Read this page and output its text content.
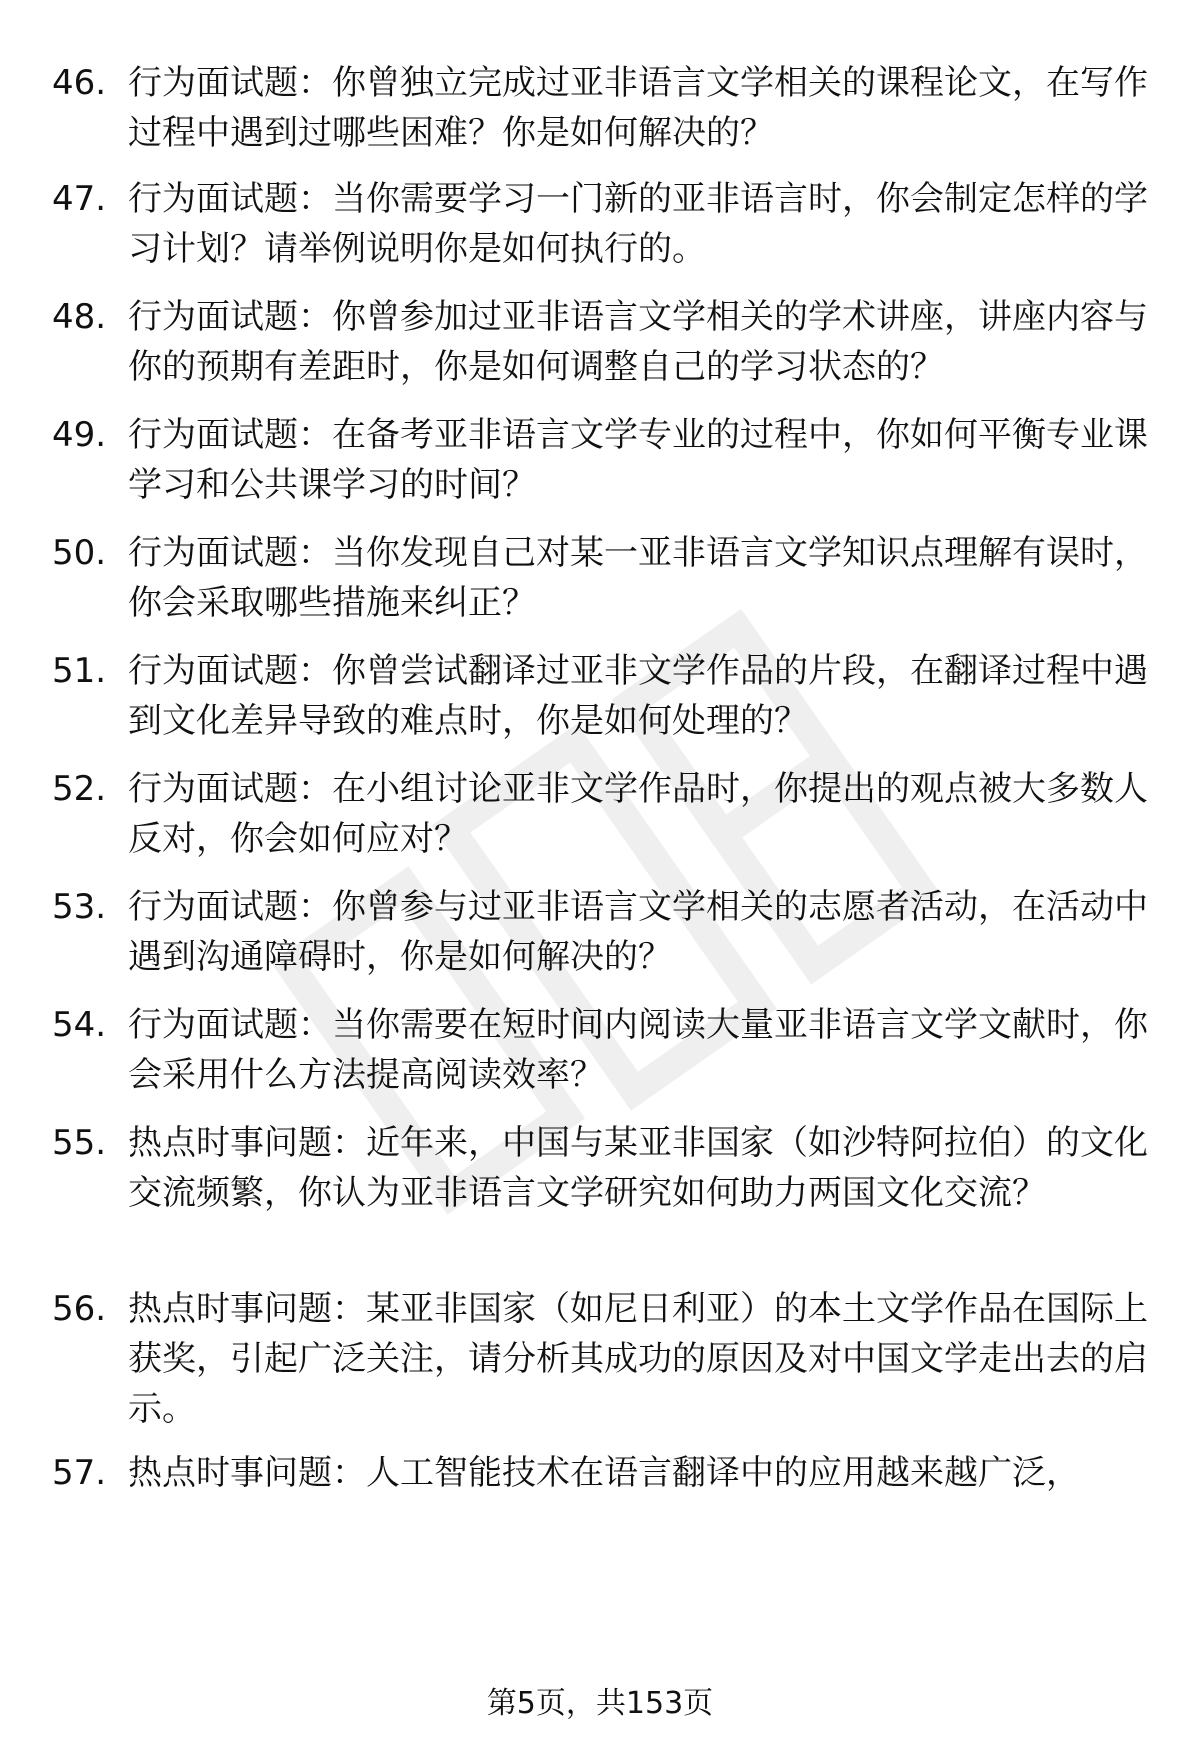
46. 行为面试题：你曾独立完成过亚非语言文学相关的课程论文，在写作过程中遇到过哪些困难？你是如何解决的？
47. 行为面试题：当你需要学习一门新的亚非语言时，你会制定怎样的学习计划？请举例说明你是如何执行的。
48. 行为面试题：你曾参加过亚非语言文学相关的学术讲座，讲座内容与你的预期有差距时，你是如何调整自己的学习状态的？
49. 行为面试题：在备考亚非语言文学专业的过程中，你如何平衡专业课学习和公共课学习的时间？
50. 行为面试题：当你发现自己对某一亚非语言文学知识点理解有误时，你会采取哪些措施来纠正？
51. 行为面试题：你曾尝试翻译过亚非文学作品的片段，在翻译过程中遇到文化差异导致的难点时，你是如何处理的？
52. 行为面试题：在小组讨论亚非文学作品时，你提出的观点被大多数人反对，你会如何应对？
53. 行为面试题：你曾参与过亚非语言文学相关的志愿者活动，在活动中遇到沟通障碍时，你是如何解决的？
54. 行为面试题：当你需要在短时间内阅读大量亚非语言文学文献时，你会采用什么方法提高阅读效率？
55. 热点时事问题：近年来，中国与某亚非国家（如沙特阿拉伯）的文化交流频繁，你认为亚非语言文学研究如何助力两国文化交流？
56. 热点时事问题：某亚非国家（如尼日利亚）的本土文学作品在国际上获奖，引起广泛关注，请分析其成功的原因及对中国文学走出去的启示。
57. 热点时事问题：人工智能技术在语言翻译中的应用越来越广泛，
第5页，共153页
